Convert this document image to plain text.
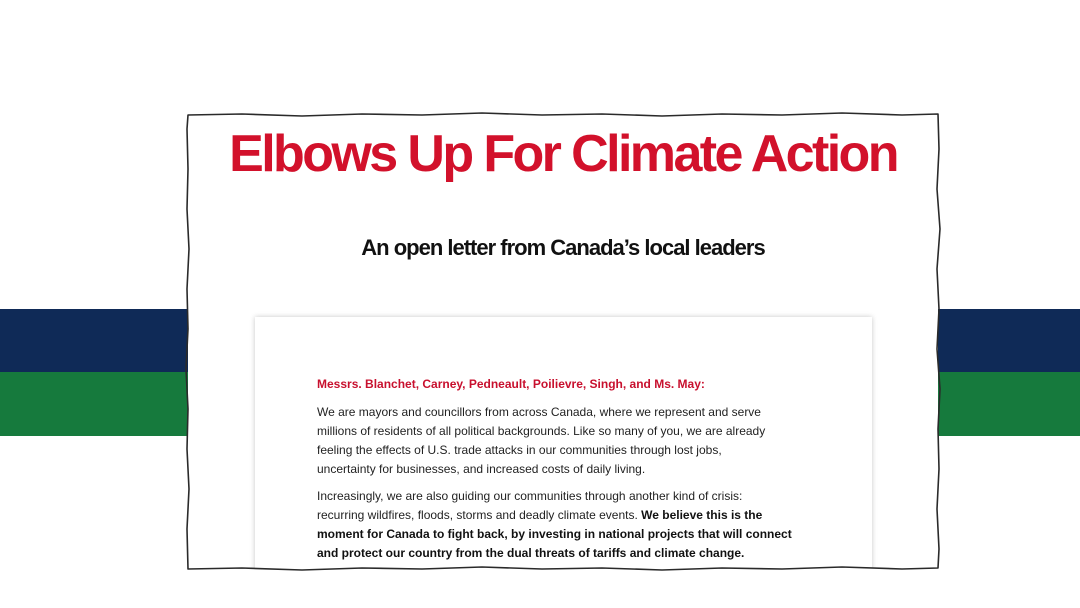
Elbows Up For Climate Action
An open letter from Canada’s local leaders

Messrs. Blanchet, Carney, Pedneault, Poilievre, Singh, and Ms. May:

We are mayors and councillors from across Canada, where we represent and serve
millions of residents of all political backgrounds. Like so many of you, we are already
feeling the effects of U.S. trade attacks in our communities through lost jobs,
uncertainty for businesses, and increased costs of daily living.

Increasingly, we are also guiding our communities through another kind of crisis:
recurring wildfires, floods, storms and deadly climate events. We believe this is the
moment for Canada to fight back, by investing in national projects that will connect
and protect our country from the dual threats of tariffs and climate change.
